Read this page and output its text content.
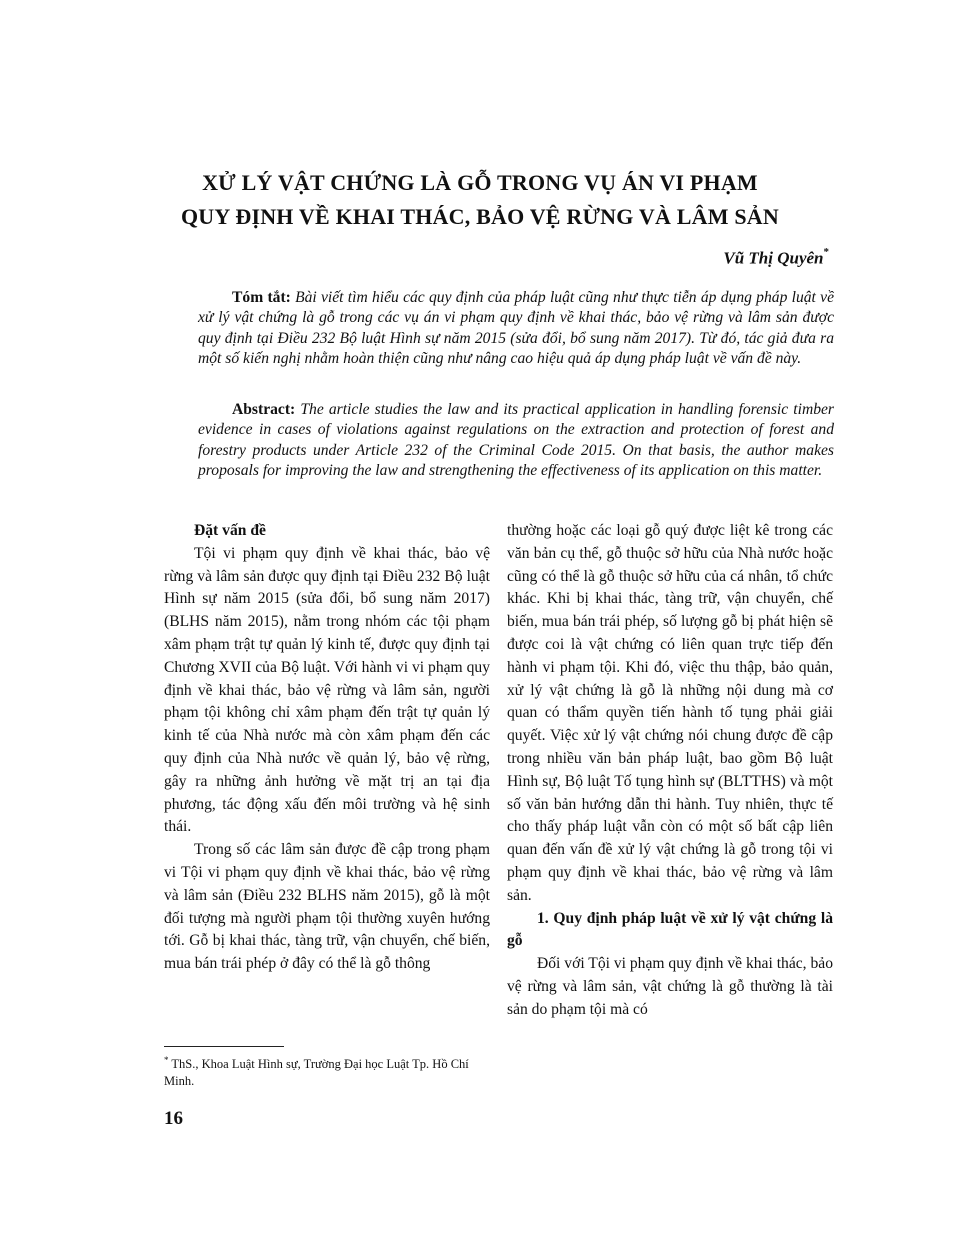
XỬ LÝ VẬT CHỨNG LÀ GỖ TRONG VỤ ÁN VI PHẠM
QUY ĐỊNH VỀ KHAI THÁC, BẢO VỆ RỪNG VÀ LÂM SẢN
Vũ Thị Quyên*
Tóm tắt: Bài viết tìm hiểu các quy định của pháp luật cũng như thực tiễn áp dụng pháp luật về xử lý vật chứng là gỗ trong các vụ án vi phạm quy định về khai thác, bảo vệ rừng và lâm sản được quy định tại Điều 232 Bộ luật Hình sự năm 2015 (sửa đổi, bổ sung năm 2017). Từ đó, tác giả đưa ra một số kiến nghị nhằm hoàn thiện cũng như nâng cao hiệu quả áp dụng pháp luật về vấn đề này.
Abstract: The article studies the law and its practical application in handling forensic timber evidence in cases of violations against regulations on the extraction and protection of forest and forestry products under Article 232 of the Criminal Code 2015. On that basis, the author makes proposals for improving the law and strengthening the effectiveness of its application on this matter.
Đặt vấn đề

Tội vi phạm quy định về khai thác, bảo vệ rừng và lâm sản được quy định tại Điều 232 Bộ luật Hình sự năm 2015 (sửa đổi, bổ sung năm 2017) (BLHS năm 2015), nằm trong nhóm các tội phạm xâm phạm trật tự quản lý kinh tế, được quy định tại Chương XVII của Bộ luật. Với hành vi vi phạm quy định về khai thác, bảo vệ rừng và lâm sản, người phạm tội không chỉ xâm phạm đến trật tự quản lý kinh tế của Nhà nước mà còn xâm phạm đến các quy định của Nhà nước về quản lý, bảo vệ rừng, gây ra những ảnh hưởng về mặt trị an tại địa phương, tác động xấu đến môi trường và hệ sinh thái.

Trong số các lâm sản được đề cập trong phạm vi Tội vi phạm quy định về khai thác, bảo vệ rừng và lâm sản (Điều 232 BLHS năm 2015), gỗ là một đối tượng mà người phạm tội thường xuyên hướng tới. Gỗ bị khai thác, tàng trữ, vận chuyển, chế biến, mua bán trái phép ở đây có thể là gỗ thông

thường hoặc các loại gỗ quý được liệt kê trong các văn bản cụ thể, gỗ thuộc sở hữu của Nhà nước hoặc cũng có thể là gỗ thuộc sở hữu của cá nhân, tổ chức khác. Khi bị khai thác, tàng trữ, vận chuyển, chế biến, mua bán trái phép, số lượng gỗ bị phát hiện sẽ được coi là vật chứng có liên quan trực tiếp đến hành vi phạm tội. Khi đó, việc thu thập, bảo quản, xử lý vật chứng là gỗ là những nội dung mà cơ quan có thẩm quyền tiến hành tố tụng phải giải quyết. Việc xử lý vật chứng nói chung được đề cập trong nhiều văn bản pháp luật, bao gồm Bộ luật Hình sự, Bộ luật Tố tụng hình sự (BLTTHS) và một số văn bản hướng dẫn thi hành. Tuy nhiên, thực tế cho thấy pháp luật vẫn còn có một số bất cập liên quan đến vấn đề xử lý vật chứng là gỗ trong tội vi phạm quy định về khai thác, bảo vệ rừng và lâm sản.

1. Quy định pháp luật về xử lý vật chứng là gỗ

Đối với Tội vi phạm quy định về khai thác, bảo vệ rừng và lâm sản, vật chứng là gỗ thường là tài sản do phạm tội mà có

* ThS., Khoa Luật Hình sự, Trường Đại học Luật Tp. Hồ Chí Minh.
16
